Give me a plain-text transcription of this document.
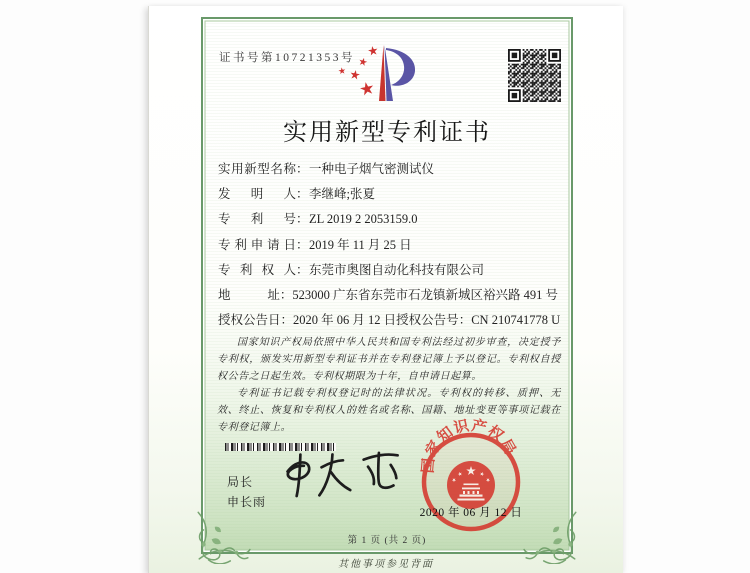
证书号第10721353号
实用新型专利证书
实用新型名称 ： 一种电子烟气密测试仪
发明人 ： 李继峰;张夏
专利号 ： ZL 2019 2 2053159.0
专利申请日 ： 2019 年 11 月 25 日
专利权人 ： 东莞市奥图自动化科技有限公司
地址 ： 523000 广东省东莞市石龙镇新城区裕兴路 491 号
授权公告日 ： 2020 年 06 月 12 日 授权公告号 ： CN 210741778 U

国家知识产权局依照中华人民共和国专利法经过初步审查，决定授予专利权，颁发实用新型专利证书并在专利登记簿上予以登记。专利权自授权公告之日起生效。专利权期限为十年，自申请日起算。

专利证书记载专利权登记时的法律状况。专利权的转移、质押、无效、终止、恢复和专利权人的姓名或名称、国籍、地址变更等事项记载在专利登记簿上。

局长
申长雨
国家知识产权局
2020 年 06 月 12 日
第 1 页 (共 2 页)
其他事项参见背面
